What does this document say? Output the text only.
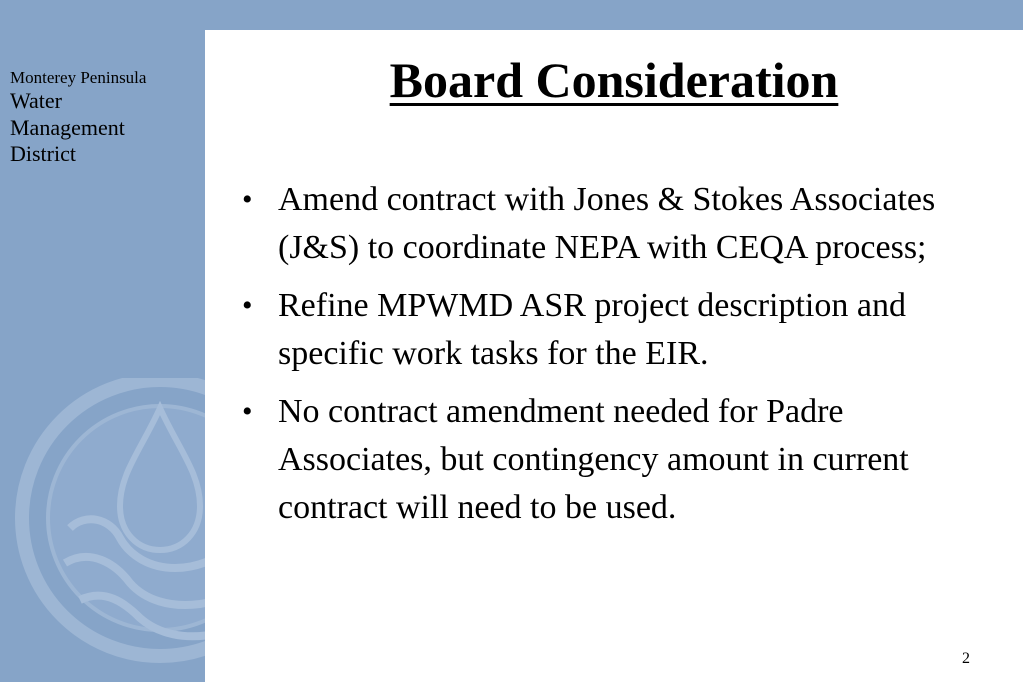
Monterey Peninsula
Water
Management
District
Board Consideration
• Amend contract with Jones & Stokes Associates (J&S) to coordinate NEPA with CEQA process;
• Refine MPWMD ASR project description and specific work tasks for the EIR.
• No contract amendment needed for Padre Associates, but contingency amount in current contract will need to be used.
2
